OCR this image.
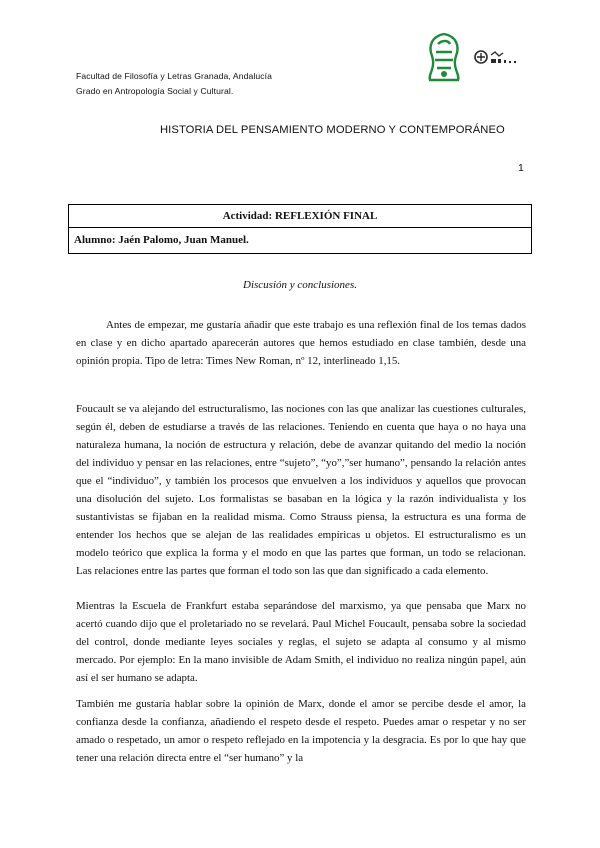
Facultad de Filosofía y Letras Granada, Andalucía
Grado en Antropología Social y Cultural.
HISTORIA DEL PENSAMIENTO MODERNO Y CONTEMPORÁNEO
1
Actividad: REFLEXIÓN FINAL
Alumno: Jaén Palomo, Juan Manuel.
Discusión y conclusiones.

Antes de empezar, me gustaría añadir que este trabajo es una reflexión final de los temas dados en clase y en dicho apartado aparecerán autores que hemos estudiado en clase también, desde una opinión propia. Tipo de letra: Times New Roman, nº 12, interlineado 1,15.

Foucault se va alejando del estructuralismo, las nociones con las que analizar las cuestiones culturales, según él, deben de estudiarse a través de las relaciones. Teniendo en cuenta que haya o no haya una naturaleza humana, la noción de estructura y relación, debe de avanzar quitando del medio la noción del individuo y pensar en las relaciones, entre “sujeto”, “yo”,”ser humano”, pensando la relación antes que el “individuo”, y también los procesos que envuelven a los individuos y aquellos que provocan una disolución del sujeto. Los formalistas se basaban en la lógica y la razón individualista y los sustantivistas se fijaban en la realidad misma. Como Strauss piensa, la estructura es una forma de entender los hechos que se alejan de las realidades empíricas u objetos. El estructuralismo es un modelo teórico que explica la forma y el modo en que las partes que forman, un todo se relacionan. Las relaciones entre las partes que forman el todo son las que dan significado a cada elemento.

Mientras la Escuela de Frankfurt estaba separándose del marxismo, ya que pensaba que Marx no acertó cuando dijo que el proletariado no se revelará. Paul Michel Foucault, pensaba sobre la sociedad del control, donde mediante leyes sociales y reglas, el sujeto se adapta al consumo y al mismo mercado. Por ejemplo: En la mano invisible de Adam Smith, el individuo no realiza ningún papel, aún así el ser humano se adapta.

También me gustaría hablar sobre la opinión de Marx, donde el amor se percibe desde el amor, la confianza desde la confianza, añadiendo el respeto desde el respeto. Puedes amar o respetar y no ser amado o respetado, un amor o respeto reflejado en la impotencia y la desgracia. Es por lo que hay que tener una relación directa entre el “ser humano” y la
